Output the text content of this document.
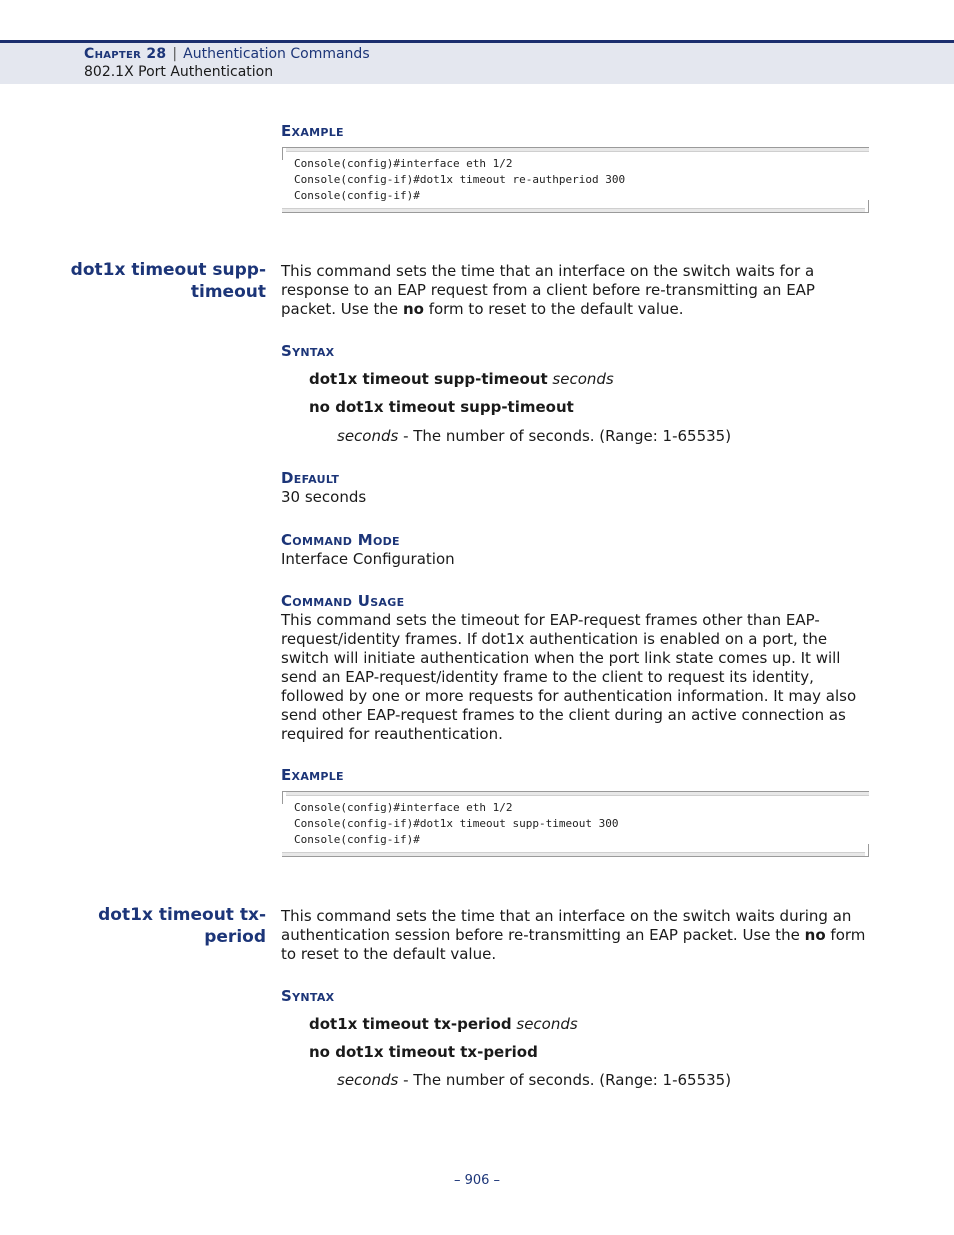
Chapter 28 | Authentication Commands
802.1X Port Authentication
Example
Console(config)#interface eth 1/2
Console(config-if)#dot1x timeout re-authperiod 300
Console(config-if)#
dot1x timeout supp-
timeout
This command sets the time that an interface on the switch waits for a response to an EAP request from a client before re-transmitting an EAP packet. Use the no form to reset to the default value.
Syntax
dot1x timeout supp-timeout seconds
no dot1x timeout supp-timeout
seconds - The number of seconds. (Range: 1-65535)
Default
30 seconds
Command Mode
Interface Configuration
Command Usage
This command sets the timeout for EAP-request frames other than EAP-request/identity frames. If dot1x authentication is enabled on a port, the switch will initiate authentication when the port link state comes up. It will send an EAP-request/identity frame to the client to request its identity, followed by one or more requests for authentication information. It may also send other EAP-request frames to the client during an active connection as required for reauthentication.
Example
Console(config)#interface eth 1/2
Console(config-if)#dot1x timeout supp-timeout 300
Console(config-if)#
dot1x timeout tx-
period
This command sets the time that an interface on the switch waits during an authentication session before re-transmitting an EAP packet. Use the no form to reset to the default value.
Syntax
dot1x timeout tx-period seconds
no dot1x timeout tx-period
seconds - The number of seconds. (Range: 1-65535)
– 906 –
